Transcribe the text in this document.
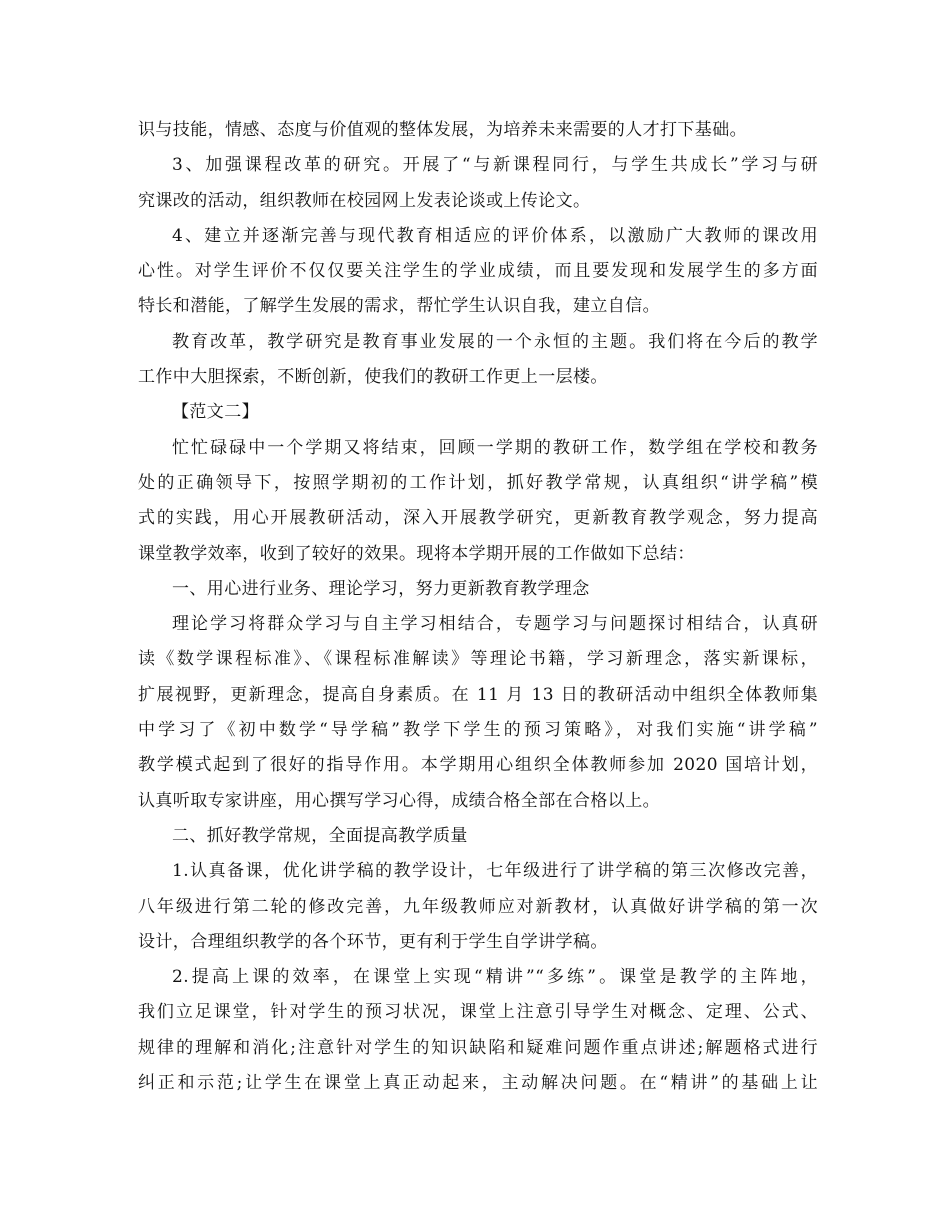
识与技能，情感、态度与价值观的整体发展，为培养未来需要的人才打下基础。
3、加强课程改革的研究。开展了“与新课程同行，与学生共成长”学习与研
究课改的活动，组织教师在校园网上发表论谈或上传论文。
4、建立并逐渐完善与现代教育相适应的评价体系，以激励广大教师的课改用
心性。对学生评价不仅仅要关注学生的学业成绩，而且要发现和发展学生的多方面
特长和潜能，了解学生发展的需求，帮忙学生认识自我，建立自信。
教育改革，教学研究是教育事业发展的一个永恒的主题。我们将在今后的教学
工作中大胆探索，不断创新，使我们的教研工作更上一层楼。
【范文二】
忙忙碌碌中一个学期又将结束，回顾一学期的教研工作，数学组在学校和教务
处的正确领导下，按照学期初的工作计划，抓好教学常规，认真组织“讲学稿”模
式的实践，用心开展教研活动，深入开展教学研究，更新教育教学观念，努力提高
课堂教学效率，收到了较好的效果。现将本学期开展的工作做如下总结：
一、用心进行业务、理论学习，努力更新教育教学理念
理论学习将群众学习与自主学习相结合，专题学习与问题探讨相结合，认真研
读《数学课程标准》、《课程标准解读》等理论书籍，学习新理念，落实新课标，
扩展视野，更新理念，提高自身素质。在 11 月 13 日的教研活动中组织全体教师集
中学习了《初中数学“导学稿”教学下学生的预习策略》，对我们实施“讲学稿”
教学模式起到了很好的指导作用。本学期用心组织全体教师参加 2020 国培计划，
认真听取专家讲座，用心撰写学习心得，成绩合格全部在合格以上。
二、抓好教学常规，全面提高教学质量
1.认真备课，优化讲学稿的教学设计，七年级进行了讲学稿的第三次修改完善，
八年级进行第二轮的修改完善，九年级教师应对新教材，认真做好讲学稿的第一次
设计，合理组织教学的各个环节，更有利于学生自学讲学稿。
2.提高上课的效率，在课堂上实现“精讲”“多练”。课堂是教学的主阵地，
我们立足课堂，针对学生的预习状况，课堂上注意引导学生对概念、定理、公式、
规律的理解和消化;注意针对学生的知识缺陷和疑难问题作重点讲述;解题格式进行
纠正和示范;让学生在课堂上真正动起来，主动解决问题。在“精讲”的基础上让
